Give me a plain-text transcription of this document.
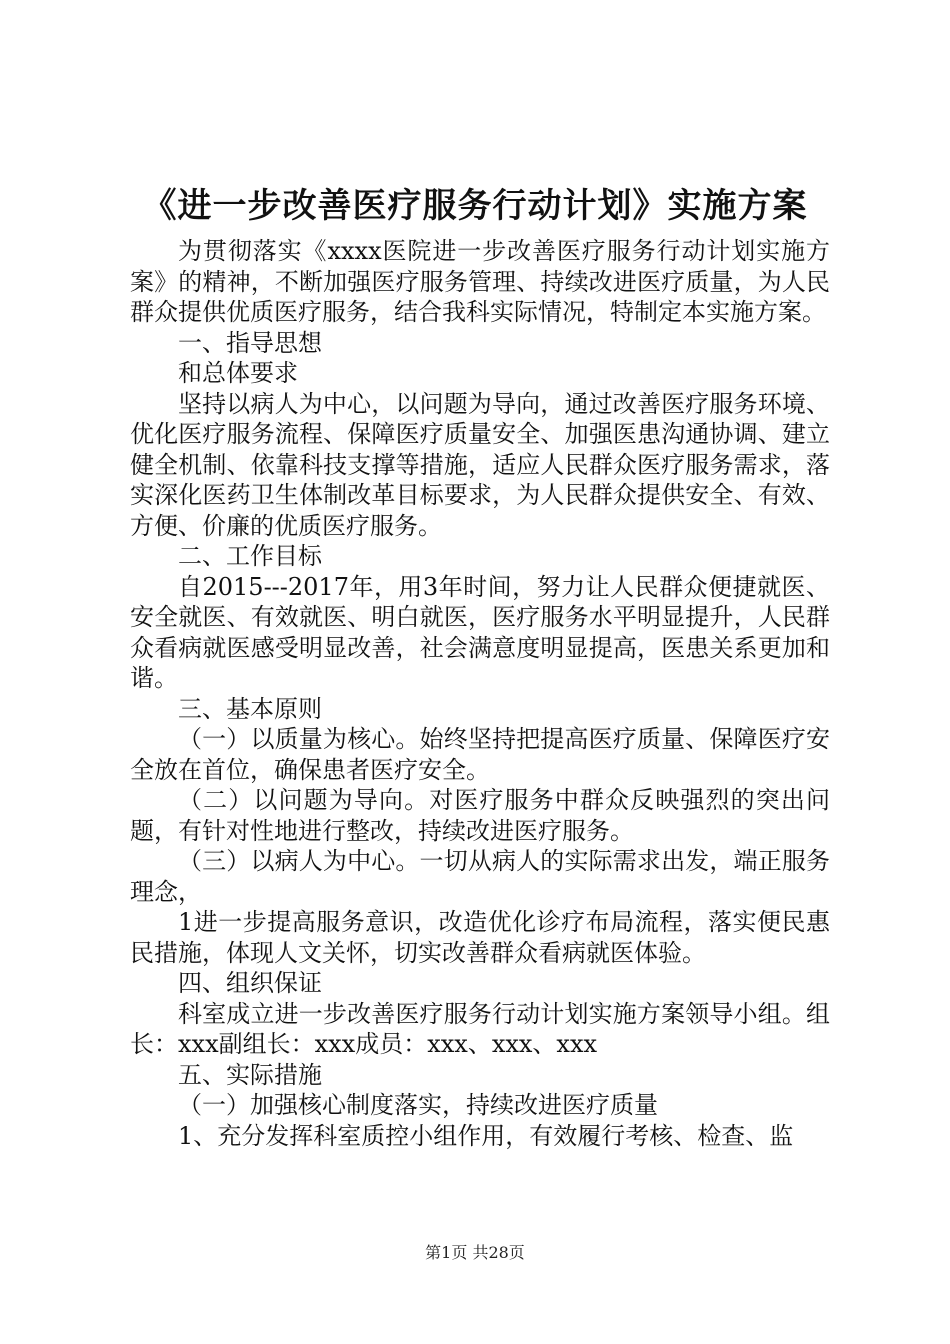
《进一步改善医疗服务行动计划》实施方案

为贯彻落实《xxxx医院进一步改善医疗服务行动计划实施方案》的精神，不断加强医疗服务管理、持续改进医疗质量，为人民群众提供优质医疗服务，结合我科实际情况，特制定本实施方案。

一、指导思想

和总体要求

坚持以病人为中心，以问题为导向，通过改善医疗服务环境、优化医疗服务流程、保障医疗质量安全、加强医患沟通协调、建立健全机制、依靠科技支撑等措施，适应人民群众医疗服务需求，落实深化医药卫生体制改革目标要求，为人民群众提供安全、有效、方便、价廉的优质医疗服务。

二、工作目标

自2015---2017年，用3年时间，努力让人民群众便捷就医、安全就医、有效就医、明白就医，医疗服务水平明显提升，人民群众看病就医感受明显改善，社会满意度明显提高，医患关系更加和谐。

三、基本原则

（一）以质量为核心。始终坚持把提高医疗质量、保障医疗安全放在首位，确保患者医疗安全。

（二）以问题为导向。对医疗服务中群众反映强烈的突出问题，有针对性地进行整改，持续改进医疗服务。

（三）以病人为中心。一切从病人的实际需求出发，端正服务理念，

1进一步提高服务意识，改造优化诊疗布局流程，落实便民惠民措施，体现人文关怀，切实改善群众看病就医体验。

四、组织保证

科室成立进一步改善医疗服务行动计划实施方案领导小组。组长：xxx副组长：xxx成员：xxx、xxx、xxx

五、实际措施

（一）加强核心制度落实，持续改进医疗质量

1、充分发挥科室质控小组作用，有效履行考核、检查、监

第1页 共28页
